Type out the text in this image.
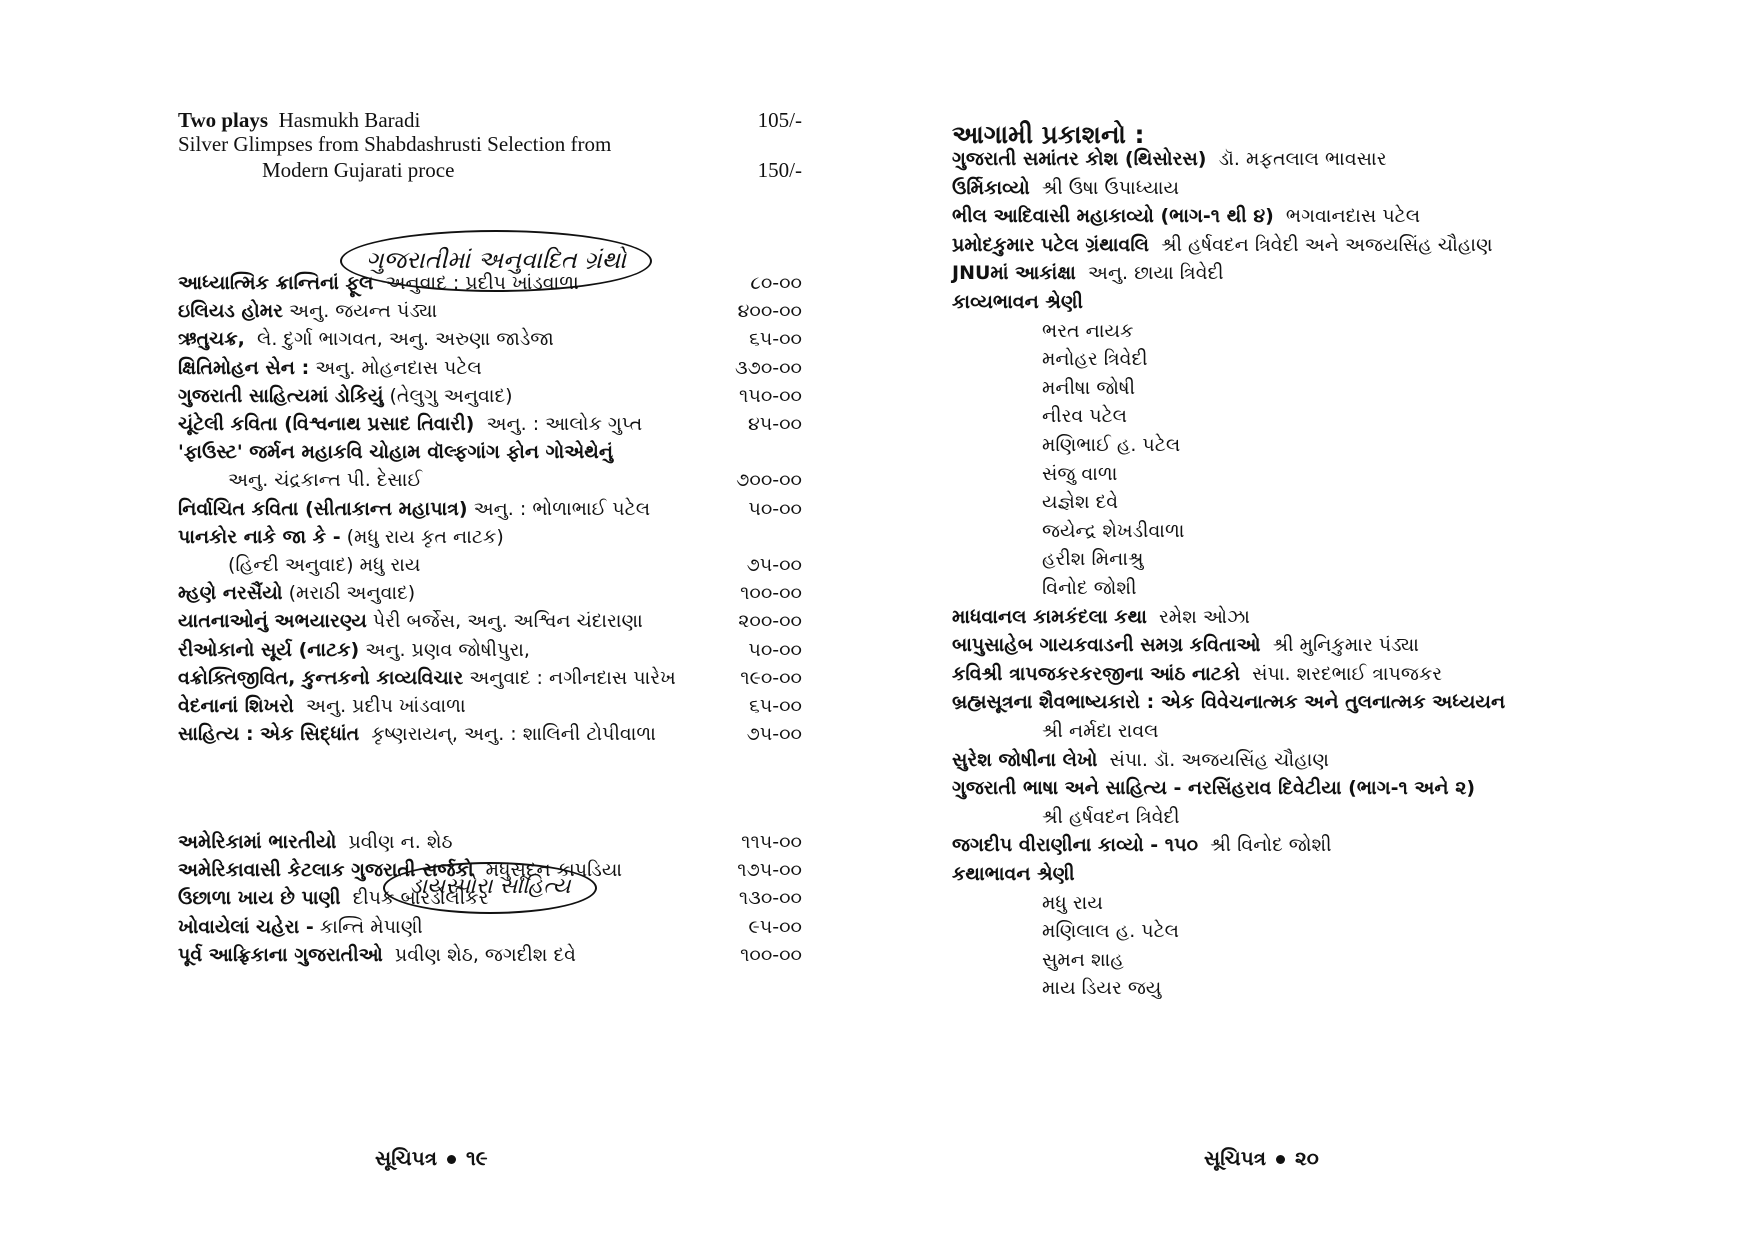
Two plays Hasmukh Baradi	105/-
Silver Glimpses from Shabdashrusti Selection from
Modern Gujarati proce	150/-
ગુજરાતીમાં અનુવાદિત ગ્રંથો
આધ્યાત્મિક ક્રાન્તિનાં ફૂલ  અનુવાદ : પ્રદીપ ખાંડવાળા	૮૦-૦૦
ઇલિયડ હોમર અનુ. જયન્ત પંડ્યા	૪૦૦-૦૦
ઋતુચક્ર,  લે. દુર્ગા ભાગવત, અનુ. અરુણા જાડેજા	૬૫-૦૦
ક્ષિતિમોહન સેન : અનુ. મોહનદાસ પટેલ	૩૭૦-૦૦
ગુજરાતી સાહિત્યમાં ડોકિયું (તેલુગુ અનુવાદ)	૧૫૦-૦૦
ચૂંટેલી કવિતા (વિશ્વનાથ પ્રસાદ તિવારી)  અનુ. : આલોક ગુપ્ત	૪૫-૦૦
'ફાઉસ્ટ' જર્મન મહાકવિ ચોહામ વૉલ્ફગાંગ ફોન ગોએથેનું
અનુ. ચંદ્રકાન્ત પી. દેસાઈ	૭૦૦-૦૦
નિર્વાચિત કવિતા (સીતાકાન્ત મહાપાત્ર) અનુ. : ભોળાભાઈ પટેલ	૫૦-૦૦
પાનકોર નાકે જા કે - (મધુ રાય કૃત નાટક)
(હિન્દી અનુવાદ) મધુ રાય	૭૫-૦૦
મ્હણે નરસૈંયો (મરાઠી અનુવાદ)	૧૦૦-૦૦
યાતનાઓનું અભયારણ્ય પેરી બર્જેસ, અનુ. અશ્વિન ચંદારાણા	૨૦૦-૦૦
રીઓકાનો સૂર્ય (નાટક) અનુ. પ્રણવ જોષીપુરા,	૫૦-૦૦
વક્રોક્તિજીવિત, કુન્તકનો કાવ્યવિચાર અનુવાદ : નગીનદાસ પારેખ	૧૯૦-૦૦
વેદનાનાં શિખરો  અનુ. પ્રદીપ ખાંડવાળા	૬૫-૦૦
સાહિત્ય : એક સિદ્ધાંત  કૃષ્ણરાયન્, અનુ. : શાલિની ટોપીવાળા	૭૫-૦૦
ડાયસ્પોરા સાહિત્ય
અમેરિકામાં ભારતીયો  પ્રવીણ ન. શેઠ	૧૧૫-૦૦
અમેરિકાવાસી કેટલાક ગુજરાતી સર્જકો  મધુસૂદન કાપડિયા	૧૭૫-૦૦
ઉછાળા ખાય છે પાણી  દીપક બારડોલીકર	૧૩૦-૦૦
ખોવાયેલાં ચહેરા - કાન્તિ મેપાણી	૯૫-૦૦
પૂર્વ આફ્રિકાના ગુજરાતીઓ  પ્રવીણ શેઠ, જગદીશ દવે	૧૦૦-૦૦
સૂચિપત્ર ૧૯
આગામી પ્રકાશનો :
ગુજરાતી સમાંતર કોશ (થિસોરસ)  ડૉ. મફતલાલ ભાવસાર
ઉર્મિકાવ્યો  શ્રી ઉષા ઉપાધ્યાય
ભીલ આદિવાસી મહાકાવ્યો (ભાગ-૧ થી ૪)  ભગવાનદાસ પટેલ
પ્રમોદકુમાર પટેલ ગ્રંથાવલિ  શ્રી હર્ષવદન ત્રિવેદી અને અજયસિંહ ચૌહાણ
JNUમાં આકાંક્ષા  અનુ. છાયા ત્રિવેદી
કાવ્યભાવન શ્રેણી
ભરત નાયક
મનોહર ત્રિવેદી
મનીષા જોષી
નીરવ પટેલ
મણિભાઈ હ. પટેલ
સંજુ વાળા
યજ્ઞેશ દવે
જયેન્દ્ર શેખડીવાળા
હરીશ મિનાશ્રુ
વિનોદ જોશી
માધવાનલ કામકંદલા કથા  રમેશ ઓઝા
બાપુસાહેબ ગાયકવાડની સમગ્ર કવિતાઓ  શ્રી મુનિકુમાર પંડ્યા
કવિશ્રી ત્રાપજકરકરજીના આંઠ નાટકો  સંપા. શરદભાઈ ત્રાપજકર
બ્રહ્મસૂત્રના શૈવભાષ્યકારો : એક વિવેચનાત્મક અને તુલનાત્મક અધ્યયન
શ્રી નર્મદા રાવલ
સુરેશ જોષીના લેખો  સંપા. ડૉ. અજયસિંહ ચૌહાણ
ગુજરાતી ભાષા અને સાહિત્ય - નરસિંહરાવ દિવેટીયા (ભાગ-૧ અને ૨)
શ્રી હર્ષવદન ત્રિવેદી
જગદીપ વીરાણીના કાવ્યો - ૧૫૦  શ્રી વિનોદ જોશી
કથાભાવન શ્રેણી
મધુ રાય
મણિલાલ હ. પટેલ
સુમન શાહ
માય ડિયર જયુ
સૂચિપત્ર ૨૦
